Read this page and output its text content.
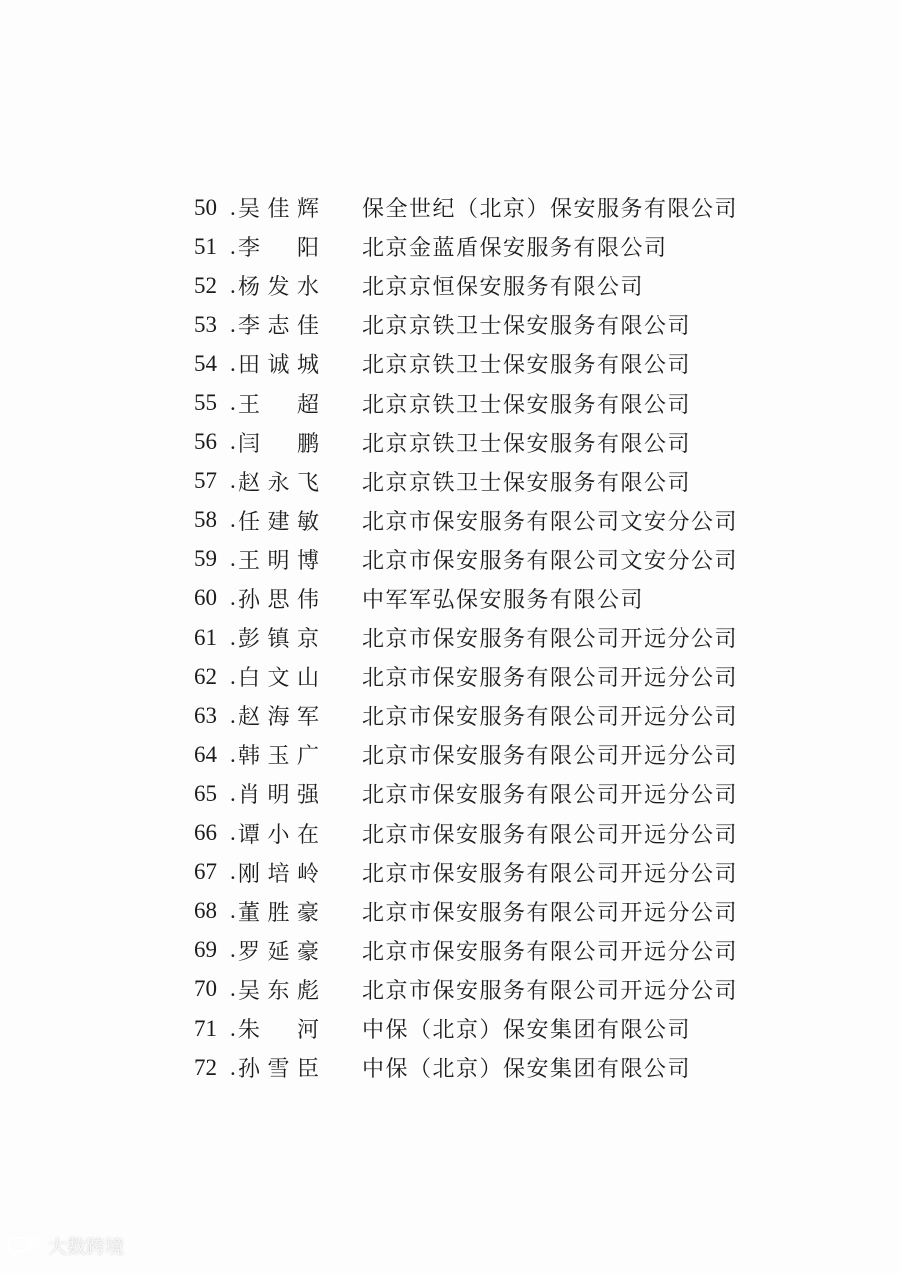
50 . 吴佳辉 保全世纪（北京）保安服务有限公司
51 . 李　阳 北京金蓝盾保安服务有限公司
52 . 杨发水 北京京恒保安服务有限公司
53 . 李志佳 北京京铁卫士保安服务有限公司
54 . 田诚城 北京京铁卫士保安服务有限公司
55 . 王　超 北京京铁卫士保安服务有限公司
56 . 闫　鹏 北京京铁卫士保安服务有限公司
57 . 赵永飞 北京京铁卫士保安服务有限公司
58 . 任建敏 北京市保安服务有限公司文安分公司
59 . 王明博 北京市保安服务有限公司文安分公司
60 . 孙思伟 中军军弘保安服务有限公司
61 . 彭镇京 北京市保安服务有限公司开远分公司
62 . 白文山 北京市保安服务有限公司开远分公司
63 . 赵海军 北京市保安服务有限公司开远分公司
64 . 韩玉广 北京市保安服务有限公司开远分公司
65 . 肖明强 北京市保安服务有限公司开远分公司
66 . 谭小在 北京市保安服务有限公司开远分公司
67 . 刚培岭 北京市保安服务有限公司开远分公司
68 . 董胜豪 北京市保安服务有限公司开远分公司
69 . 罗延豪 北京市保安服务有限公司开远分公司
70 . 吴东彪 北京市保安服务有限公司开远分公司
71 . 朱　河 中保（北京）保安集团有限公司
72 . 孙雪臣 中保（北京）保安集团有限公司
大数跨境
